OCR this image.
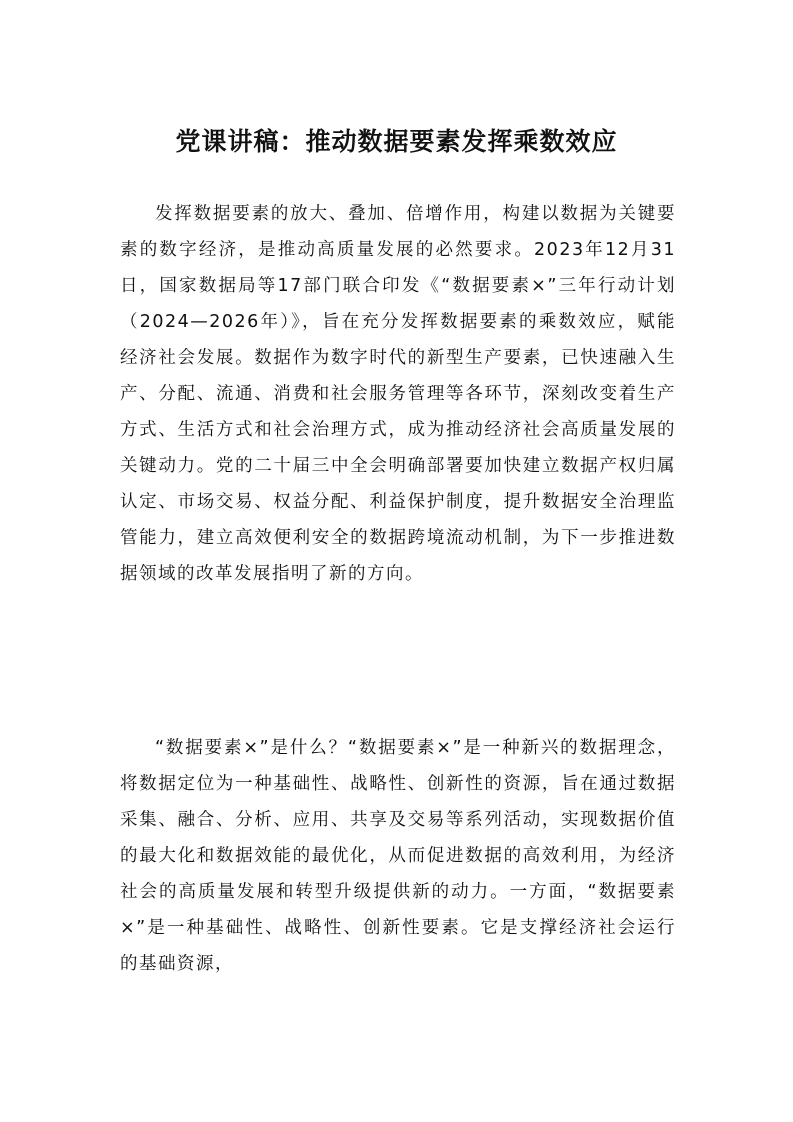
党课讲稿：推动数据要素发挥乘数效应

发挥数据要素的放大、叠加、倍增作用，构建以数据为关键要素的数字经济，是推动高质量发展的必然要求。2023年12月31日，国家数据局等17部门联合印发《“数据要素×”三年行动计划（2024—2026年）》，旨在充分发挥数据要素的乘数效应，赋能经济社会发展。数据作为数字时代的新型生产要素，已快速融入生产、分配、流通、消费和社会服务管理等各环节，深刻改变着生产方式、生活方式和社会治理方式，成为推动经济社会高质量发展的关键动力。党的二十届三中全会明确部署要加快建立数据产权归属认定、市场交易、权益分配、利益保护制度，提升数据安全治理监管能力，建立高效便利安全的数据跨境流动机制，为下一步推进数据领域的改革发展指明了新的方向。

“数据要素×”是什么？“数据要素×”是一种新兴的数据理念，将数据定位为一种基础性、战略性、创新性的资源，旨在通过数据采集、融合、分析、应用、共享及交易等系列活动，实现数据价值的最大化和数据效能的最优化，从而促进数据的高效利用，为经济社会的高质量发展和转型升级提供新的动力。一方面，“数据要素×”是一种基础性、战略性、创新性要素。它是支撑经济社会运行的基础资源，
